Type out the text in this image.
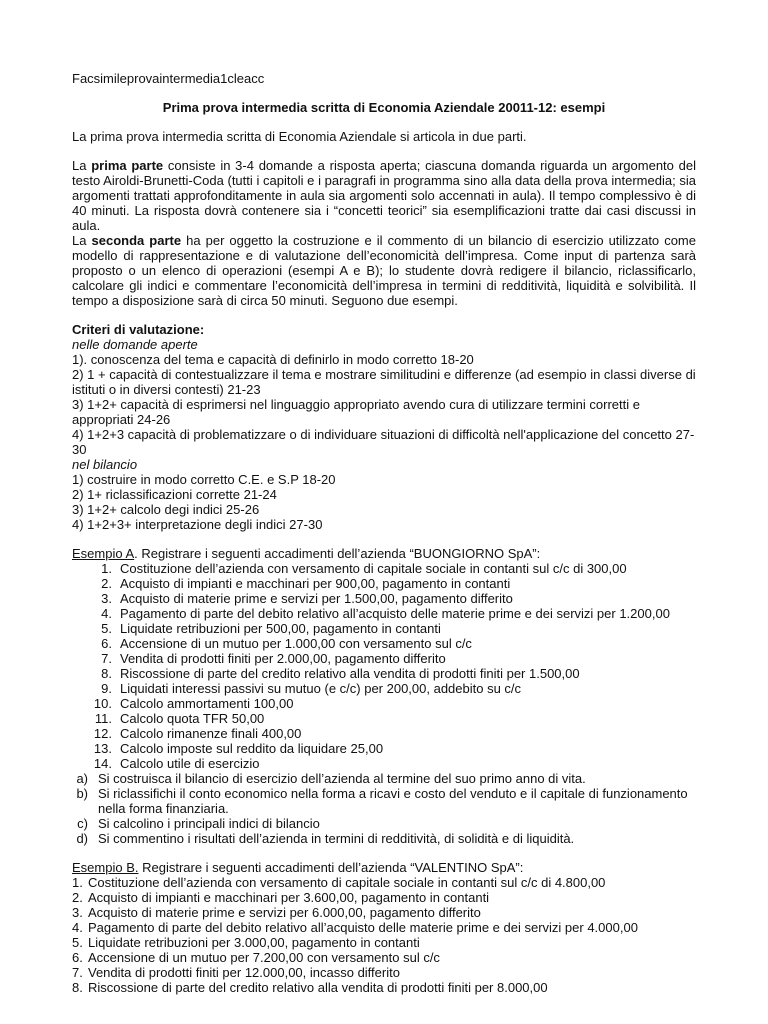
Facsimileprovaintermedia1cleacc

Prima prova intermedia scritta di Economia Aziendale 20011-12: esempi

La prima prova intermedia scritta di Economia Aziendale si articola in due parti.

La prima parte consiste in 3-4 domande a risposta aperta; ciascuna domanda riguarda un argomento del testo Airoldi-Brunetti-Coda (tutti i capitoli e i paragrafi in programma sino alla data della prova intermedia; sia argomenti trattati approfonditamente in aula sia argomenti solo accennati in aula). Il tempo complessivo è di 40 minuti. La risposta dovrà contenere sia i “concetti teorici” sia esemplificazioni tratte dai casi discussi in aula.

La seconda parte ha per oggetto la costruzione e il commento di un bilancio di esercizio utilizzato come modello di rappresentazione e di valutazione dell’economicità dell’impresa. Come input di partenza sarà proposto o un elenco di operazioni (esempi A e B); lo studente dovrà redigere il bilancio, riclassificarlo, calcolare gli indici e commentare l’economicità dell’impresa in termini di redditività, liquidità e solvibilità. Il tempo a disposizione sarà di circa 50 minuti. Seguono due esempi.

Criteri di valutazione:

nelle domande aperte

1). conoscenza del tema e capacità di definirlo in modo corretto 18-20

2) 1 + capacità di contestualizzare il tema e mostrare similitudini e differenze (ad esempio in classi diverse di istituti o in diversi contesti) 21-23

3) 1+2+ capacità di esprimersi nel linguaggio appropriato avendo cura di utilizzare termini corretti e appropriati 24-26

4) 1+2+3 capacità di problematizzare o di individuare situazioni di difficoltà nell'applicazione del concetto 27-30

nel bilancio

1) costruire in modo corretto C.E. e S.P 18-20

2) 1+ riclassificazioni corrette 21-24

3) 1+2+ calcolo degi indici 25-26

4) 1+2+3+ interpretazione degli indici 27-30

Esempio A. Registrare i seguenti accadimenti dell’azienda “BUONGIORNO SpA”:

1. Costituzione dell’azienda con versamento di capitale sociale in contanti sul c/c di 300,00
2. Acquisto di impianti e macchinari per 900,00, pagamento in contanti
3. Acquisto di materie prime e servizi per 1.500,00, pagamento differito
4. Pagamento di parte del debito relativo all’acquisto delle materie prime e dei servizi per 1.200,00
5. Liquidate retribuzioni per 500,00, pagamento in contanti
6. Accensione di un mutuo per 1.000,00 con versamento sul c/c
7. Vendita di prodotti finiti per 2.000,00, pagamento differito
8. Riscossione di parte del credito relativo alla vendita di prodotti finiti per 1.500,00
9. Liquidati interessi passivi su mutuo (e c/c) per 200,00, addebito su c/c
10. Calcolo ammortamenti 100,00
11. Calcolo quota TFR 50,00
12. Calcolo rimanenze finali 400,00
13. Calcolo imposte sul reddito da liquidare 25,00
14. Calcolo utile di esercizio
a) Si costruisca il bilancio di esercizio dell’azienda al termine del suo primo anno di vita.
b) Si riclassifichi il conto economico nella forma a ricavi e costo del venduto e il capitale di funzionamento nella forma finanziaria.
c) Si calcolino i principali indici di bilancio
d) Si commentino i risultati dell’azienda in termini di redditività, di solidità e di liquidità.

Esempio B. Registrare i seguenti accadimenti dell’azienda “VALENTINO SpA”:

1. Costituzione dell’azienda con versamento di capitale sociale in contanti sul c/c di 4.800,00
2. Acquisto di impianti e macchinari per 3.600,00, pagamento in contanti
3. Acquisto di materie prime e servizi per 6.000,00, pagamento differito
4. Pagamento di parte del debito relativo all’acquisto delle materie prime e dei servizi per 4.000,00
5. Liquidate retribuzioni per 3.000,00, pagamento in contanti
6. Accensione di un mutuo per 7.200,00 con versamento sul c/c
7. Vendita di prodotti finiti per 12.000,00, incasso differito
8. Riscossione di parte del credito relativo alla vendita di prodotti finiti per 8.000,00
